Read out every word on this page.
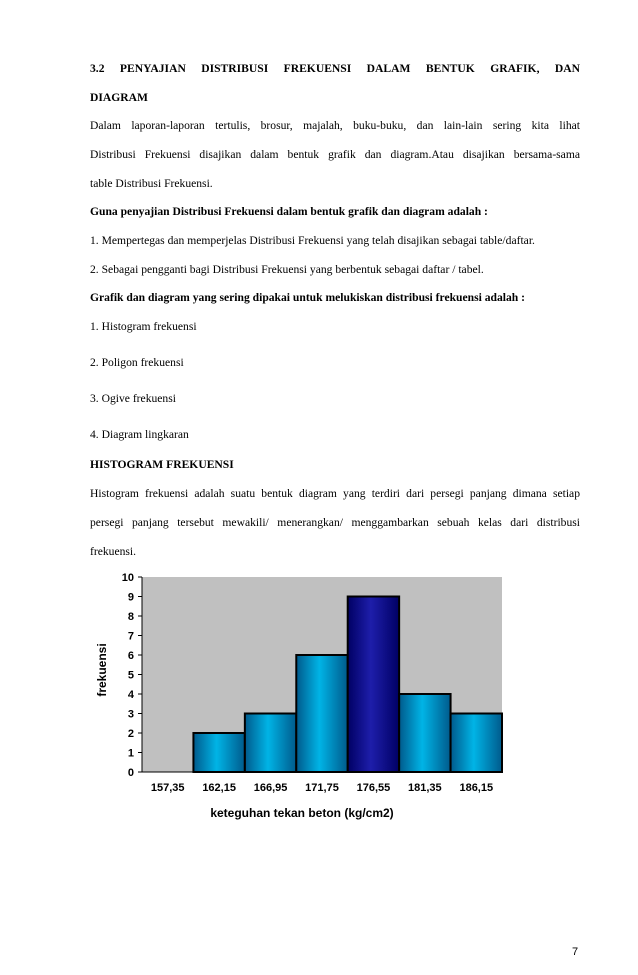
3.2 PENYAJIAN DISTRIBUSI FREKUENSI DALAM BENTUK GRAFIK, DAN
DIAGRAM
Dalam laporan-laporan tertulis, brosur, majalah, buku-buku, dan lain-lain sering kita lihat
Distribusi Frekuensi disajikan dalam bentuk grafik dan diagram.Atau disajikan bersama-sama
table Distribusi Frekuensi.
Guna penyajian Distribusi Frekuensi dalam bentuk grafik dan diagram adalah :
1. Mempertegas dan memperjelas Distribusi Frekuensi yang telah disajikan sebagai table/daftar.
2. Sebagai pengganti bagi Distribusi Frekuensi yang berbentuk sebagai daftar / tabel.
Grafik dan diagram yang sering dipakai untuk melukiskan distribusi frekuensi adalah :
1. Histogram frekuensi
2. Poligon frekuensi
3. Ogive frekuensi
4. Diagram lingkaran
HISTOGRAM FREKUENSI
Histogram frekuensi adalah suatu bentuk diagram yang terdiri dari persegi panjang dimana setiap
persegi panjang tersebut mewakili/ menerangkan/ menggambarkan sebuah kelas dari distribusi
frekuensi.
0
1
2
3
4
5
6
7
8
9
10
157,35 162,15 166,95 171,75 176,55 181,35 186,15
frekuensi
keteguhan tekan beton (kg/cm2)
7
